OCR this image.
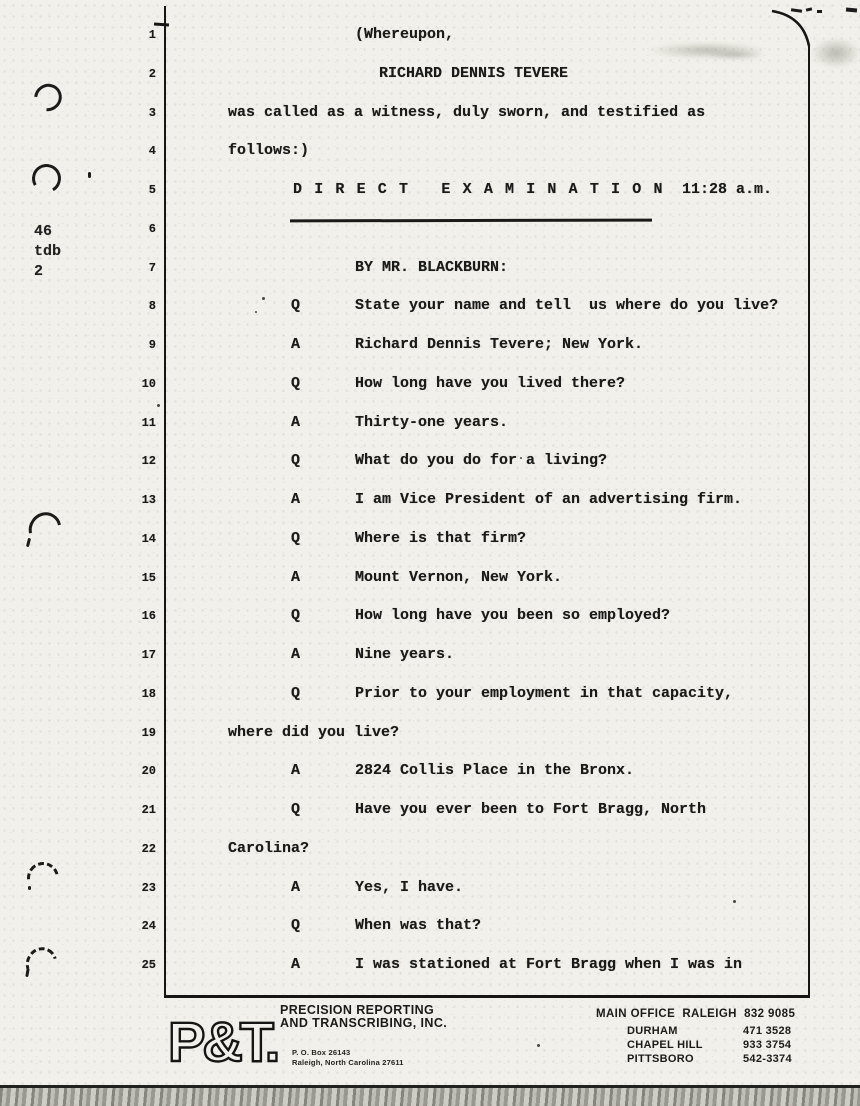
46
tdb
2
1	(Whereupon,
2	RICHARD DENNIS TEVERE
3	was called as a witness, duly sworn, and testified as
4	follows:)
5	D I R E C T   E X A M I N A T I O N 11:28 a.m.
6
7	BY MR. BLACKBURN:
8	Q	State your name and tell  us where do you live?
9	A	Richard Dennis Tevere; New York.
10	Q	How long have you lived there?
11	A	Thirty-one years.
12	Q	What do you do for a living?
13	A	I am Vice President of an advertising firm.
14	Q	Where is that firm?
15	A	Mount Vernon, New York.
16	Q	How long have you been so employed?
17	A	Nine years.
18	Q	Prior to your employment in that capacity,
19	where did you live?
20	A	2824 Collis Place in the Bronx.
21	Q	Have you ever been to Fort Bragg, North
22	Carolina?
23	A	Yes, I have.
24	Q	When was that?
25	A	I was stationed at Fort Bragg when I was in
P&T. PRECISION REPORTING
AND TRANSCRIBING, INC.
P. O. Box 26143
Raleigh, North Carolina 27611
MAIN OFFICE  RALEIGH  832 9085
DURHAM	471 3528
CHAPEL HILL	933 3754
PITTSBORO	542-3374
